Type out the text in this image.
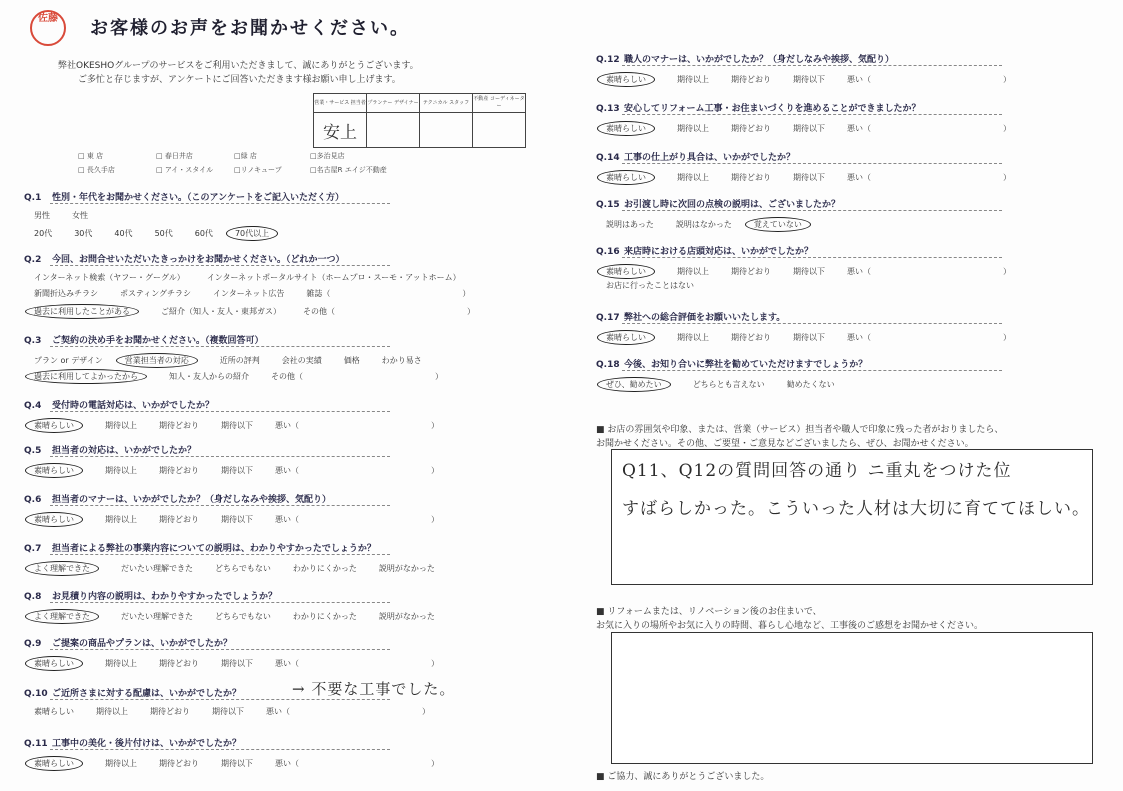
佐藤	お客様のお声をお聞かせください。
弊社OKESHOグループのサービスをご利用いただきまして、誠にありがとうございます。
ご多忙と存じますが、アンケートにご回答いただきます様お願い申し上げます。
営業・サービス 担当者	プランナー デザイナー	テクニカル スタッフ	不動産 コーディネーター
安上			
□ 東 店	□ 春日井店	□緑 店	□多治見店
□ 長久手店	□ アイ・スタイル	□リノキューブ	□名古屋R エイジ不動産
Q.1 性別・年代をお聞かせください。（このアンケートをご記入いただく方）
男性	女性
20代	30代	40代	50代	60代	70代以上
Q.2 今回、お問合せいただいたきっかけをお聞かせください。（どれか一つ）
インターネット検索（ヤフー・グーグル）	インターネットポータルサイト（ホームプロ・スーモ・アットホーム）
新聞折込みチラシ	ポスティングチラシ	インターネット広告	雑誌（	）
過去に利用したことがある	ご紹介（知人・友人・東邦ガス）	その他（	）
Q.3 ご契約の決め手をお聞かせください。（複数回答可）
プラン or デザイン	営業担当者の対応	近所の評判	会社の実績	価格	わかり易さ
過去に利用してよかったから	知人・友人からの紹介	その他（	）
Q.4 受付時の電話対応は、いかがでしたか？
素晴らしい	期待以上	期待どおり	期待以下	悪い（	）
Q.5 担当者の対応は、いかがでしたか？
素晴らしい	期待以上	期待どおり	期待以下	悪い（	）
Q.6 担当者のマナーは、いかがでしたか？（身だしなみや挨拶、気配り）
素晴らしい	期待以上	期待どおり	期待以下	悪い（	）
Q.7 担当者による弊社の事業内容についての説明は、わかりやすかったでしょうか？
よく理解できた	だいたい理解できた	どちらでもない	わかりにくかった	説明がなかった
Q.8 お見積り内容の説明は、わかりやすかったでしょうか？
よく理解できた	だいたい理解できた	どちらでもない	わかりにくかった	説明がなかった
Q.9 ご提案の商品やプランは、いかがでしたか？
素晴らしい	期待以上	期待どおり	期待以下	悪い（	）
Q.10 ご近所さまに対する配慮は、いかがでしたか？
素晴らしい	期待以上	期待どおり	期待以下	悪い（	）
Q.11 工事中の美化・後片付けは、いかがでしたか？
素晴らしい	期待以上	期待どおり	期待以下	悪い（	）
Q.12 職人のマナーは、いかがでしたか？（身だしなみや挨拶、気配り）
素晴らしい	期待以上	期待どおり	期待以下	悪い（	）
Q.13 安心してリフォーム工事・お住まいづくりを進めることができましたか？
素晴らしい	期待以上	期待どおり	期待以下	悪い（	）
Q.14 工事の仕上がり具合は、いかがでしたか？
素晴らしい	期待以上	期待どおり	期待以下	悪い（	）
Q.15 お引渡し時に次回の点検の説明は、ございましたか？
説明はあった	説明はなかった	覚えていない
Q.16 来店時における店頭対応は、いかがでしたか？
素晴らしい	期待以上	期待どおり	期待以下	悪い（	）
お店に行ったことはない
Q.17 弊社への総合評価をお願いいたします。
素晴らしい	期待以上	期待どおり	期待以下	悪い（	）
Q.18 今後、お知り合いに弊社を勧めていただけますでしょうか？
ぜひ、勧めたい	どちらとも言えない	勧めたくない
→ 不要な工事でした。
■ お店の雰囲気や印象、または、営業（サービス）担当者や職人で印象に残った者がおりましたら、
お聞かせください。その他、ご要望・ご意見などございましたら、ぜひ、お聞かせください。
Q11、Q12の質問回答の通り ニ重丸をつけた位
すばらしかった。こういった人材は大切に育ててほしい。
■ リフォームまたは、リノベーション後のお住まいで、
お気に入りの場所やお気に入りの時間、暮らし心地など、工事後のご感想をお聞かせください。
■ ご協力、誠にありがとうございました。
